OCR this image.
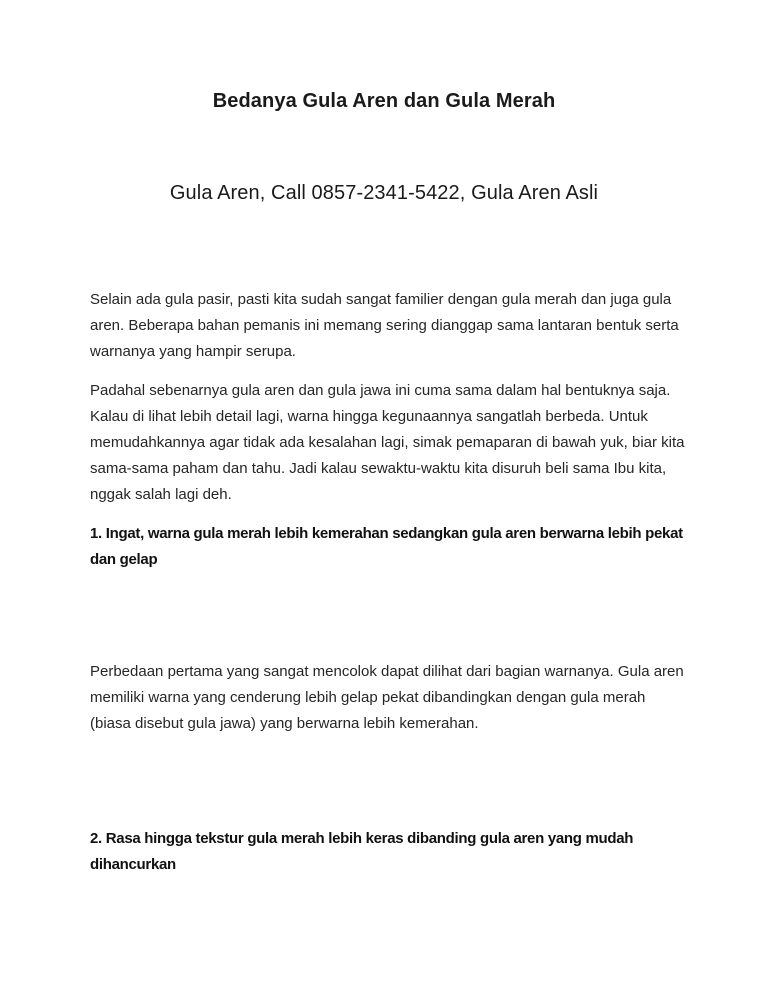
Bedanya Gula Aren dan Gula Merah
Gula Aren, Call 0857-2341-5422, Gula Aren Asli

Selain ada gula pasir, pasti kita sudah sangat familier dengan gula merah dan juga gula aren. Beberapa bahan pemanis ini memang sering dianggap sama lantaran bentuk serta warnanya yang hampir serupa.

Padahal sebenarnya gula aren dan gula jawa ini cuma sama dalam hal bentuknya saja. Kalau di lihat lebih detail lagi, warna hingga kegunaannya sangatlah berbeda. Untuk memudahkannya agar tidak ada kesalahan lagi, simak pemaparan di bawah yuk, biar kita sama-sama paham dan tahu. Jadi kalau sewaktu-waktu kita disuruh beli sama Ibu kita, nggak salah lagi deh.

1. Ingat, warna gula merah lebih kemerahan sedangkan gula aren berwarna lebih pekat dan gelap

Perbedaan pertama yang sangat mencolok dapat dilihat dari bagian warnanya. Gula aren memiliki warna yang cenderung lebih gelap pekat dibandingkan dengan gula merah (biasa disebut gula jawa) yang berwarna lebih kemerahan.

2. Rasa hingga tekstur gula merah lebih keras dibanding gula aren yang mudah dihancurkan
